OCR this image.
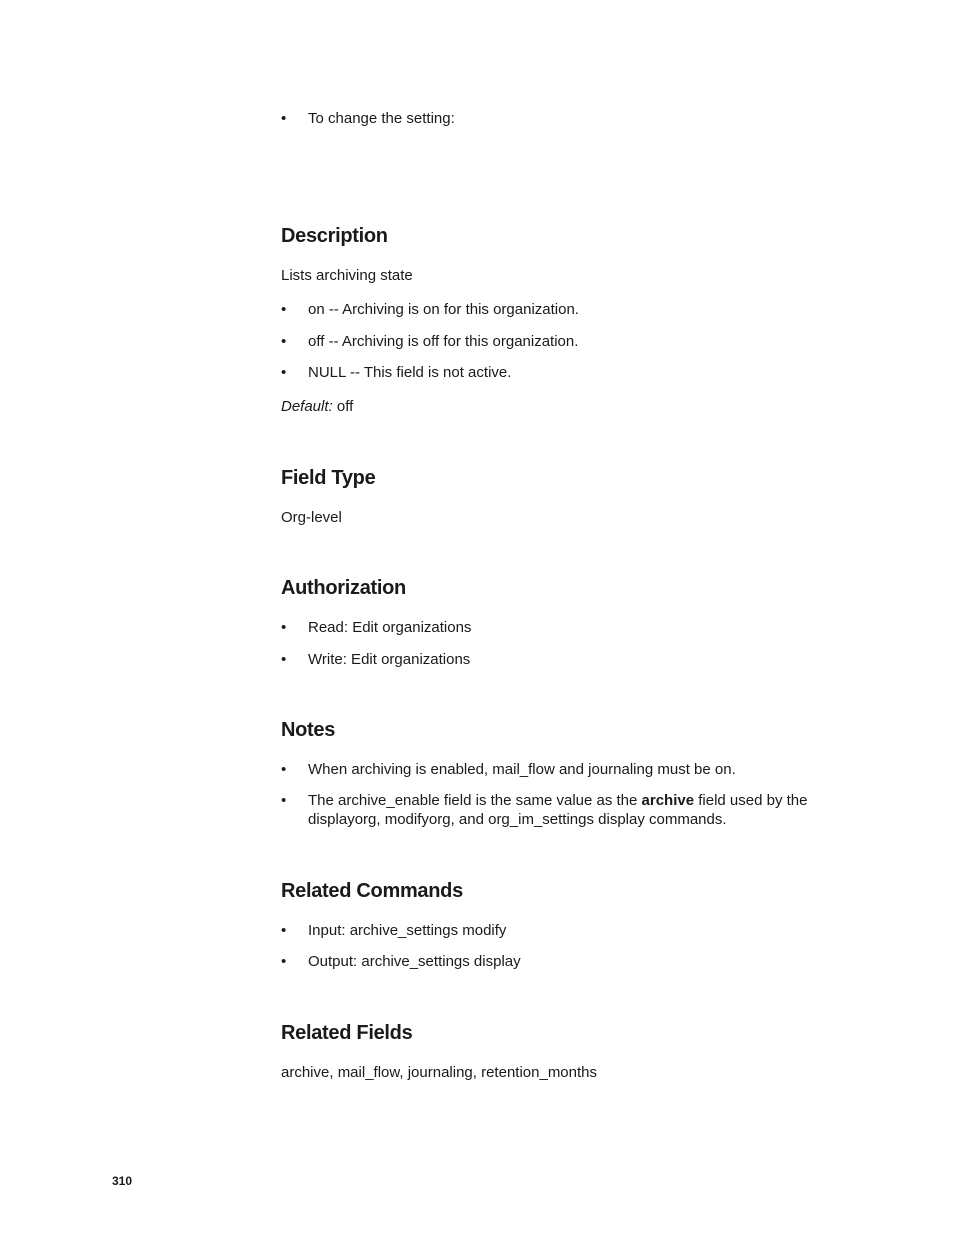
• To change the setting:
Description
Lists archiving state
• on -- Archiving is on for this organization.
• off -- Archiving is off for this organization.
• NULL -- This field is not active.
Default: off
Field Type
Org-level
Authorization
• Read: Edit organizations
• Write: Edit organizations
Notes
• When archiving is enabled, mail_flow and journaling must be on.
• The archive_enable field is the same value as the archive field used by the displayorg, modifyorg, and org_im_settings display commands.
Related Commands
• Input: archive_settings modify
• Output: archive_settings display
Related Fields
archive, mail_flow, journaling, retention_months
310
